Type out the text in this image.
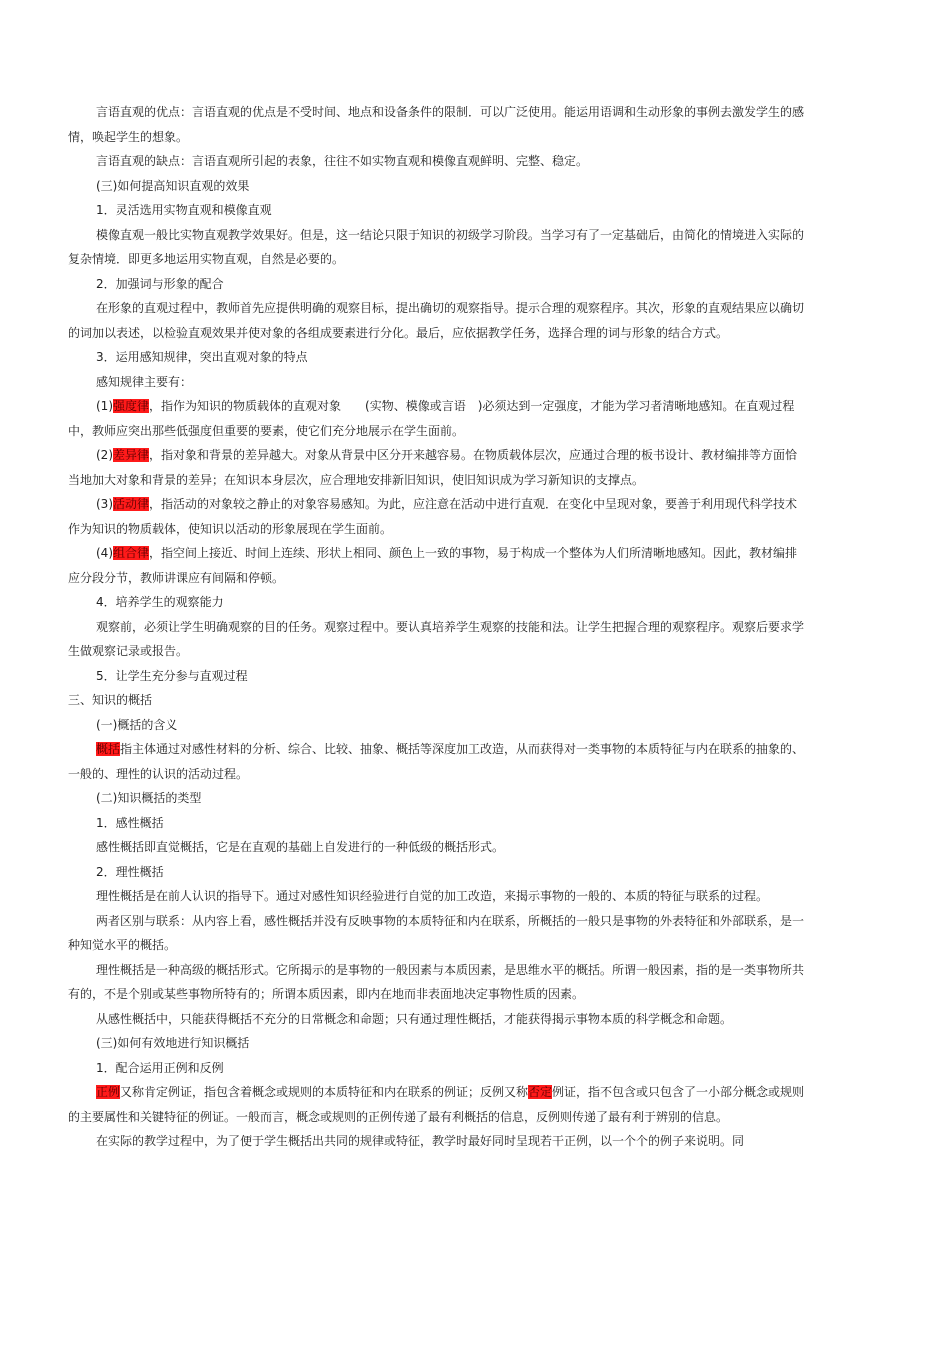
言语直观的优点：言语直观的优点是不受时间、地点和设备条件的限制．可以广泛使用。能运用语调和生动形象的事例去激发学生的感情，唤起学生的想象。

言语直观的缺点：言语直观所引起的表象，往往不如实物直观和模像直观鲜明、完整、稳定。

(三)如何提高知识直观的效果

1．灵活选用实物直观和模像直观

模像直观一般比实物直观教学效果好。但是，这一结论只限于知识的初级学习阶段。当学习有了一定基础后，由简化的情境进入实际的复杂情境．即更多地运用实物直观，自然是必要的。

2．加强词与形象的配合

在形象的直观过程中，教师首先应提供明确的观察目标，提出确切的观察指导。提示合理的观察程序。其次，形象的直观结果应以确切的词加以表述，以检验直观效果并使对象的各组成要素进行分化。最后，应依据教学任务，选择合理的词与形象的结合方式。

3．运用感知规律，突出直观对象的特点

感知规律主要有：

(1)强度律，指作为知识的物质载体的直观对象　　(实物、模像或言语　)必须达到一定强度，才能为学习者清晰地感知。在直观过程中，教师应突出那些低强度但重要的要素，使它们充分地展示在学生面前。

(2)差异律，指对象和背景的差异越大。对象从背景中区分开来越容易。在物质载体层次，应通过合理的板书设计、教材编排等方面恰当地加大对象和背景的差异；在知识本身层次，应合理地安排新旧知识，使旧知识成为学习新知识的支撑点。

(3)活动律，指活动的对象较之静止的对象容易感知。为此，应注意在活动中进行直观．在变化中呈现对象，要善于利用现代科学技术作为知识的物质载体，使知识以活动的形象展现在学生面前。

(4)组合律，指空间上接近、时间上连续、形状上相同、颜色上一致的事物，易于构成一个整体为人们所清晰地感知。因此，教材编排应分段分节，教师讲课应有间隔和停顿。

4．培养学生的观察能力

观察前，必须让学生明确观察的目的任务。观察过程中。要认真培养学生观察的技能和法。让学生把握合理的观察程序。观察后要求学生做观察记录或报告。

5．让学生充分参与直观过程

三、知识的概括

(一)概括的含义

概括指主体通过对感性材料的分析、综合、比较、抽象、概括等深度加工改造，从而获得对一类事物的本质特征与内在联系的抽象的、一般的、理性的认识的活动过程。

(二)知识概括的类型

1．感性概括

感性概括即直觉概括，它是在直观的基础上自发进行的一种低级的概括形式。

2．理性概括

理性概括是在前人认识的指导下。通过对感性知识经验进行自觉的加工改造，来揭示事物的一般的、本质的特征与联系的过程。

两者区别与联系：从内容上看，感性概括并没有反映事物的本质特征和内在联系，所概括的一般只是事物的外表特征和外部联系，是一种知觉水平的概括。

理性概括是一种高级的概括形式。它所揭示的是事物的一般因素与本质因素，是思维水平的概括。所谓一般因素，指的是一类事物所共有的，不是个别或某些事物所特有的；所谓本质因素，即内在地而非表面地决定事物性质的因素。

从感性概括中，只能获得概括不充分的日常概念和命题；只有通过理性概括，才能获得揭示事物本质的科学概念和命题。

(三)如何有效地进行知识概括

1．配合运用正例和反例

正例又称肯定例证，指包含着概念或规则的本质特征和内在联系的例证；反例又称否定例证，指不包含或只包含了一小部分概念或规则的主要属性和关键特征的例证。一般而言，概念或规则的正例传递了最有利概括的信息，反例则传递了最有利于辨别的信息。

在实际的教学过程中，为了便于学生概括出共同的规律或特征，教学时最好同时呈现若干正例，以一个个的例子来说明。同
